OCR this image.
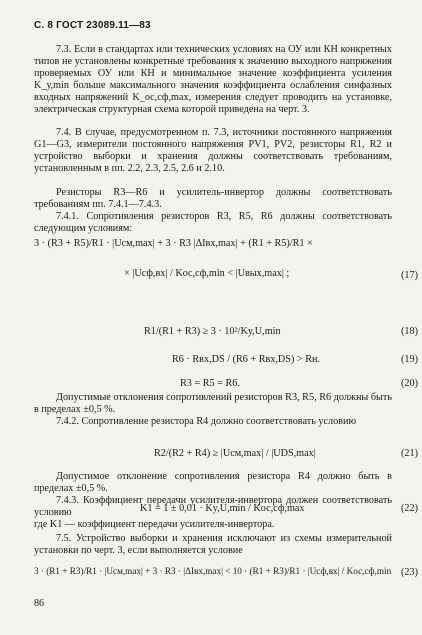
С. 8 ГОСТ 23089.11—83
7.3. Если в стандартах или технических условиях на ОУ или КН конкретных типов не установлены конкретные требования к значению выходного напряжения проверяемых ОУ или КН и минимальное значение коэффициента усиления K_у,min больше максимального значения коэффициента ослабления синфазных входных напряжений K_ос,сф,max, измерения следует проводить на установке, электрическая структурная схема которой приведена на черт. 3.
7.4. В случае, предусмотренном п. 7.3, источники постоянного напряжения G1—G3, измерители постоянного напряжения PV1, PV2, резисторы R1, R2 и устройство выборки и хранения должны соответствовать требованиям, установленным в пп. 2.2, 2.3, 2.5, 2.6 и 2.10.
Резисторы R3—R6 и усилитель-инвертор должны соответствовать требованиям пп. 7.4.1—7.4.3.
7.4.1. Сопротивления резисторов R3, R5, R6 должны соответствовать следующим условиям:
3 · (R3 + R5)/R1 · |Uсм,max| + 3 · R3 |ΔIвх,max| + (R1 + R5)/R1 ×
× |Uсф,вх| / Kос,сф,min < |Uвых,max| ;	(17)
R1/(R1 + R3) ≥ 3 · 10²/Ky,U,min	(18)
R6 · Rвх,DS / (R6 + Rвх,DS) > Rн.	(19)
R3 = R5 = R6.	(20)
Допустимые отклонения сопротивлений резисторов R3, R5, R6 должны быть в пределах ±0,5 %.
7.4.2. Сопротивление резистора R4 должно соответствовать условию
R2/(R2 + R4) ≥ |Uсм,max| / |UDS,max|	(21)
Допустимое отклонение сопротивления резистора R4 должно быть в пределах ±0,5 %.
7.4.3. Коэффициент передачи усилителя-инвертора должен соответствовать условию	K1 = 1 ± 0,01 · Ky,U,min / Kос,сф,max	(22)
где K1 — коэффициент передачи усилителя-инвертора.
7.5. Устройство выборки и хранения исключают из схемы измерительной установки по черт. 3, если выполняется условие
3 · (R1 + R3)/R1 · |Uсм,max| + 3 · R3 · |ΔIвх,max| < 10 · (R1 + R3)/R1 · |Uсф,вх| / Kос,сф,min (23)
86
